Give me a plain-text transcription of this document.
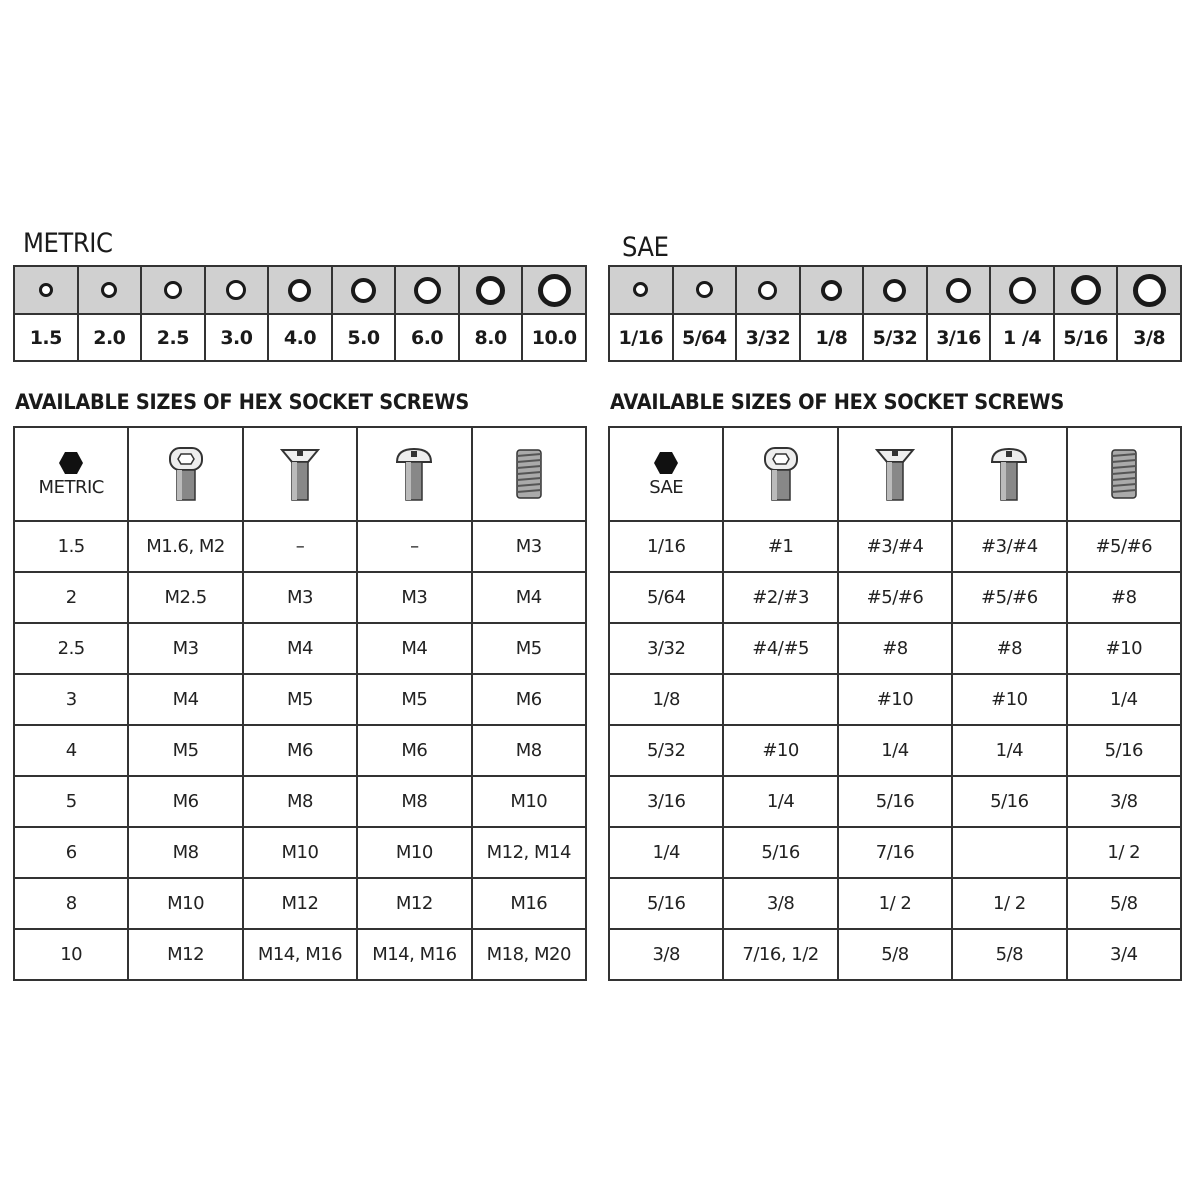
METRIC

1.5	2.0	2.5	3.0	4.0	5.0	6.0	8.0	10.0
AVAILABLE SIZES OF HEX SOCKET SCREWS
METRIC

1.5	M1.6, M2	–	–	M3
2	M2.5	M3	M3	M4
2.5	M3	M4	M4	M5
3	M4	M5	M5	M6
4	M5	M6	M6	M8
5	M6	M8	M8	M10
6	M8	M10	M10	M12, M14
8	M10	M12	M12	M16
10	M12	M14, M16	M14, M16	M18, M20
SAE

1/16	5/64	3/32	1/8	5/32	3/16	1 /4	5/16	3/8
AVAILABLE SIZES OF HEX SOCKET SCREWS
SAE

1/16	#1	#3/#4	#3/#4	#5/#6
5/64	#2/#3	#5/#6	#5/#6	#8
3/32	#4/#5	#8	#8	#10
1/8		#10	#10	1/4
5/32	#10	1/4	1/4	5/16
3/16	1/4	5/16	5/16	3/8
1/4	5/16	7/16		1/ 2
5/16	3/8	1/ 2	1/ 2	5/8
3/8	7/16, 1/2	5/8	5/8	3/4
